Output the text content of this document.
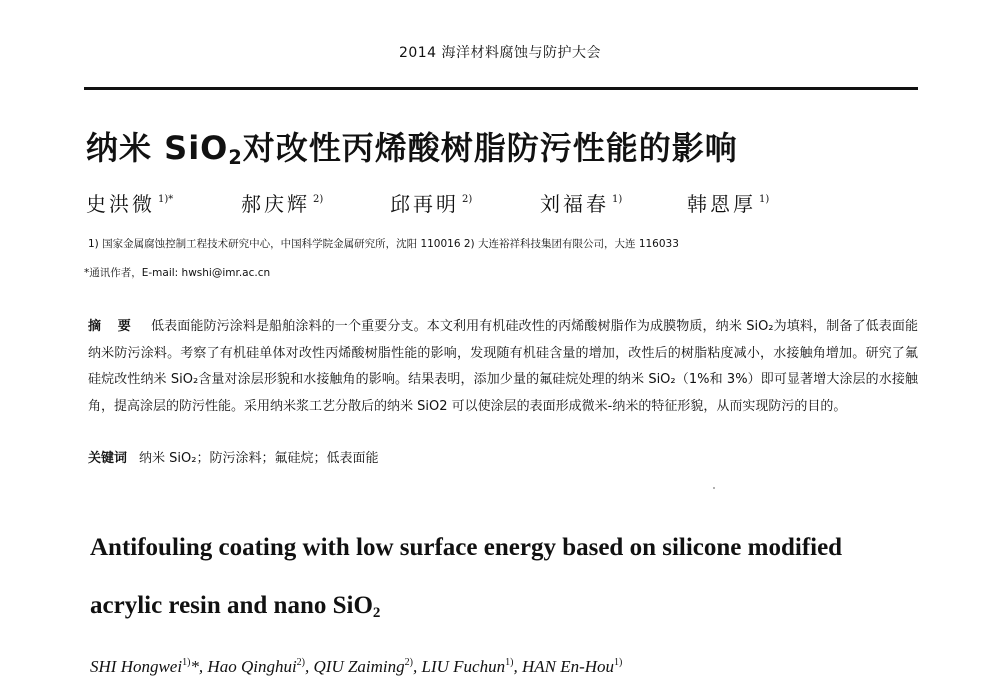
2014 海洋材料腐蚀与防护大会
纳米 SiO$_2$对改性丙烯酸树脂防污性能的影响
史洪微 $^{1)*}$	郝庆辉 $^{2)}$	邱再明 $^{2)}$	刘福春 $^{1)}$	韩恩厚 $^{1)}$
1) 国家金属腐蚀控制工程技术研究中心，中国科学院金属研究所，沈阳 110016 2) 大连裕祥科技集团有限公司，大连 116033
*通讯作者，E-mail: hwshi@imr.ac.cn
摘 要 低表面能防污涂料是船舶涂料的一个重要分支。本文利用有机硅改性的丙烯酸树脂作为成膜物质，纳米 SiO₂为填料，制备了低表面能纳米防污涂料。考察了有机硅单体对改性丙烯酸树脂性能的影响，发现随有机硅含量的增加，改性后的树脂粘度减小，水接触角增加。研究了氟硅烷改性纳米 SiO₂含量对涂层形貌和水接触角的影响。结果表明，添加少量的氟硅烷处理的纳米 SiO₂（1%和 3%）即可显著增大涂层的水接触角，提高涂层的防污性能。采用纳米浆工艺分散后的纳米 SiO2 可以使涂层的表面形成微米-纳米的特征形貌，从而实现防污的目的。
关键词 纳米 SiO₂；防污涂料；氟硅烷；低表面能
Antifouling coating with low surface energy based on silicone modified
acrylic resin and nano SiO$_2$
SHI Hongwei$^{1)}$*, Hao Qinghui$^{2)}$, QIU Zaiming$^{2)}$, LIU Fuchun$^{1)}$, HAN En-Hou$^{1)}$
